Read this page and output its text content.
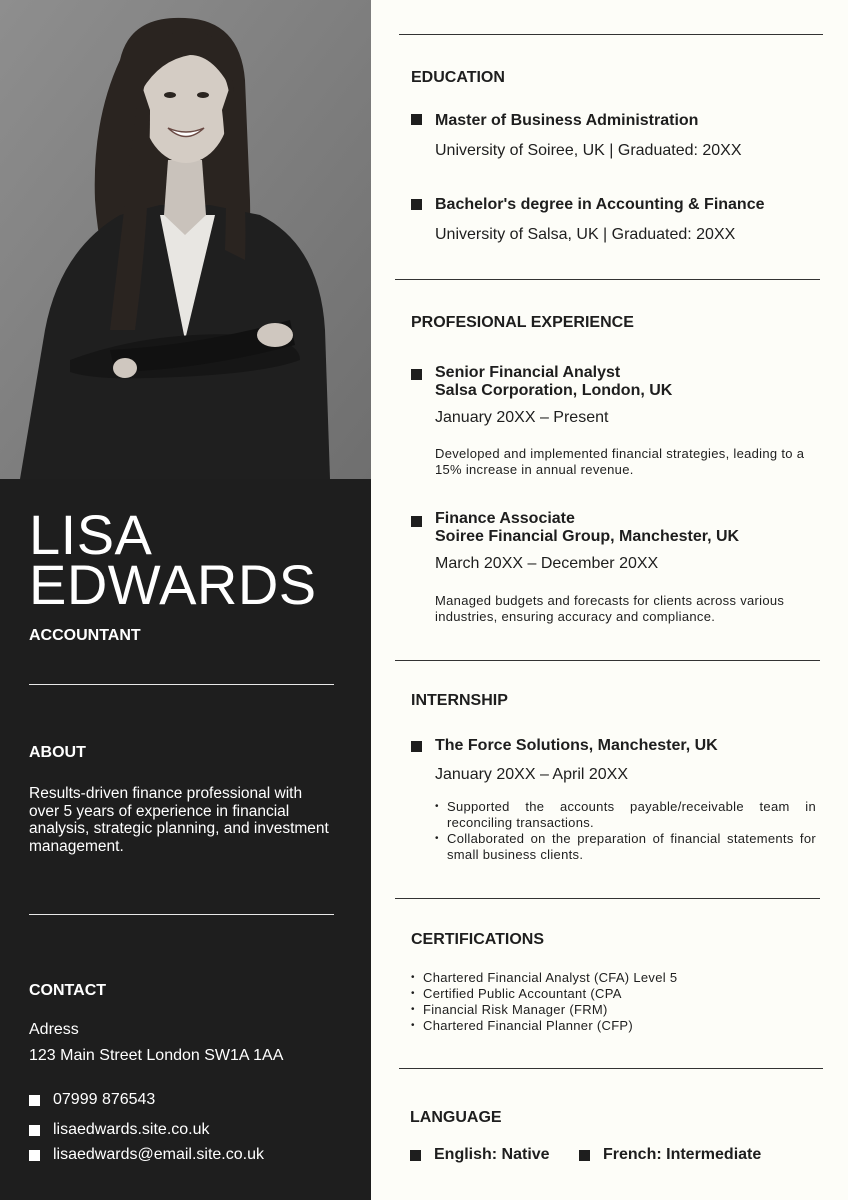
LISA
EDWARDS
ACCOUNTANT
ABOUT
Results-driven finance professional with over 5 years of experience in financial analysis, strategic planning, and investment management.
CONTACT
Adress
123 Main Street London SW1A 1AA
07999 876543
lisaedwards.site.co.uk
lisaedwards@email.site.co.uk
EDUCATION
Master of Business Administration
University of Soiree, UK | Graduated: 20XX
Bachelor's degree in Accounting & Finance
University of Salsa, UK | Graduated: 20XX
PROFESIONAL EXPERIENCE
Senior Financial Analyst
Salsa Corporation, London, UK
January 20XX – Present
Developed and implemented financial strategies, leading to a 15% increase in annual revenue.
Finance Associate
Soiree Financial Group, Manchester, UK
March 20XX – December 20XX
Managed budgets and forecasts for clients across various industries, ensuring accuracy and compliance.
INTERNSHIP
The Force Solutions, Manchester, UK
January 20XX – April 20XX
• Supported the accounts payable/receivable team in reconciling transactions.
• Collaborated on the preparation of financial statements for small business clients.
CERTIFICATIONS
• Chartered Financial Analyst (CFA) Level 5
• Certified Public Accountant (CPA
• Financial Risk Manager (FRM)
• Chartered Financial Planner (CFP)
LANGUAGE
English: Native	French: Intermediate
